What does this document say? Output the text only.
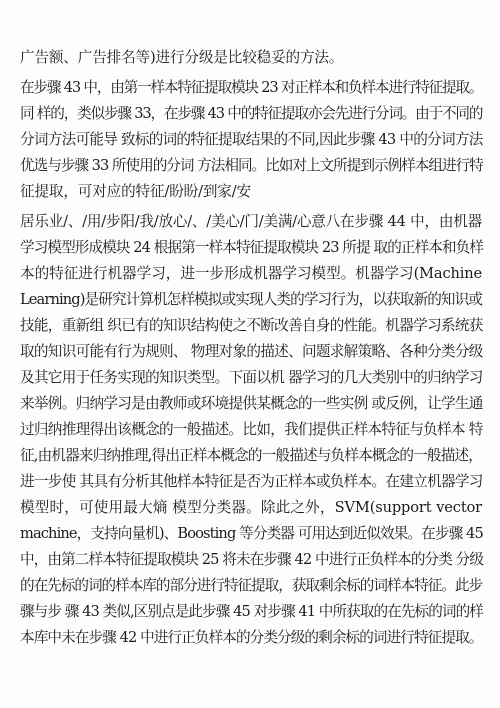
广告额、广告排名等)进行分级是比较稳妥的方法。
在步骤 43 中，由第一样本特征提取模块 23 对正样本和负样本进行特征提取。
同 样的，类似步骤 33，在步骤 43 中的特征提取亦会先进行分词。由于不同的
分词方法可能导 致标的词的特征提取结果的不同,因此步骤 43 中的分词方法
优选与步骤 33 所使用的分词 方法相同。比如对上文所提到示例样本组进行特
征提取，可对应的特征/盼盼/到家/安
居乐业/、/用/步阳/我/放心/、/美心/门/美满/心意八在步骤 44 中，由机器
学习模型形成模块 24 根据第一样本特征提取模块 23 所提 取的正样本和负样
本的特征进行机器学习，进一步形成机器学习模型。机器学习(Machine
Learning)是研究计算机怎样模拟或实现人类的学习行为，以获取新的知识或
技能，重新组 织已有的知识结构使之不断改善自身的性能。机器学习系统获
取的知识可能有行为规则、 物理对象的描述、问题求解策略、各种分类分级
及其它用于任务实现的知识类型。下面以机 器学习的几大类别中的归纳学习
来举例。归纳学习是由教师或环境提供某概念的一些实例 或反例，让学生通
过归纳推理得出该概念的一般描述。比如，我们提供正样本特征与负样本 特
征,由机器来归纳推理,得出正样本概念的一般描述与负样本概念的一般描述，
进一步使 其具有分析其他样本特征是否为正样本或负样本。在建立机器学习
模型时，可使用最大熵 模型分类器。除此之外，SVM(support vector
machine，支持向量机)、Boosting 等分类器 可用达到近似效果。在步骤 45
中，由第二样本特征提取模块 25 将未在步骤 42 中进行正负样本的分类 分级
的在先标的词的样本库的部分进行特征提取，获取剩余标的词样本特征。此步
骤与步 骤 43 类似,区别点是此步骤 45 对步骤 41 中所获取的在先标的词的样
本库中未在步骤 42 中进行正负样本的分类分级的剩余标的词进行特征提取。
